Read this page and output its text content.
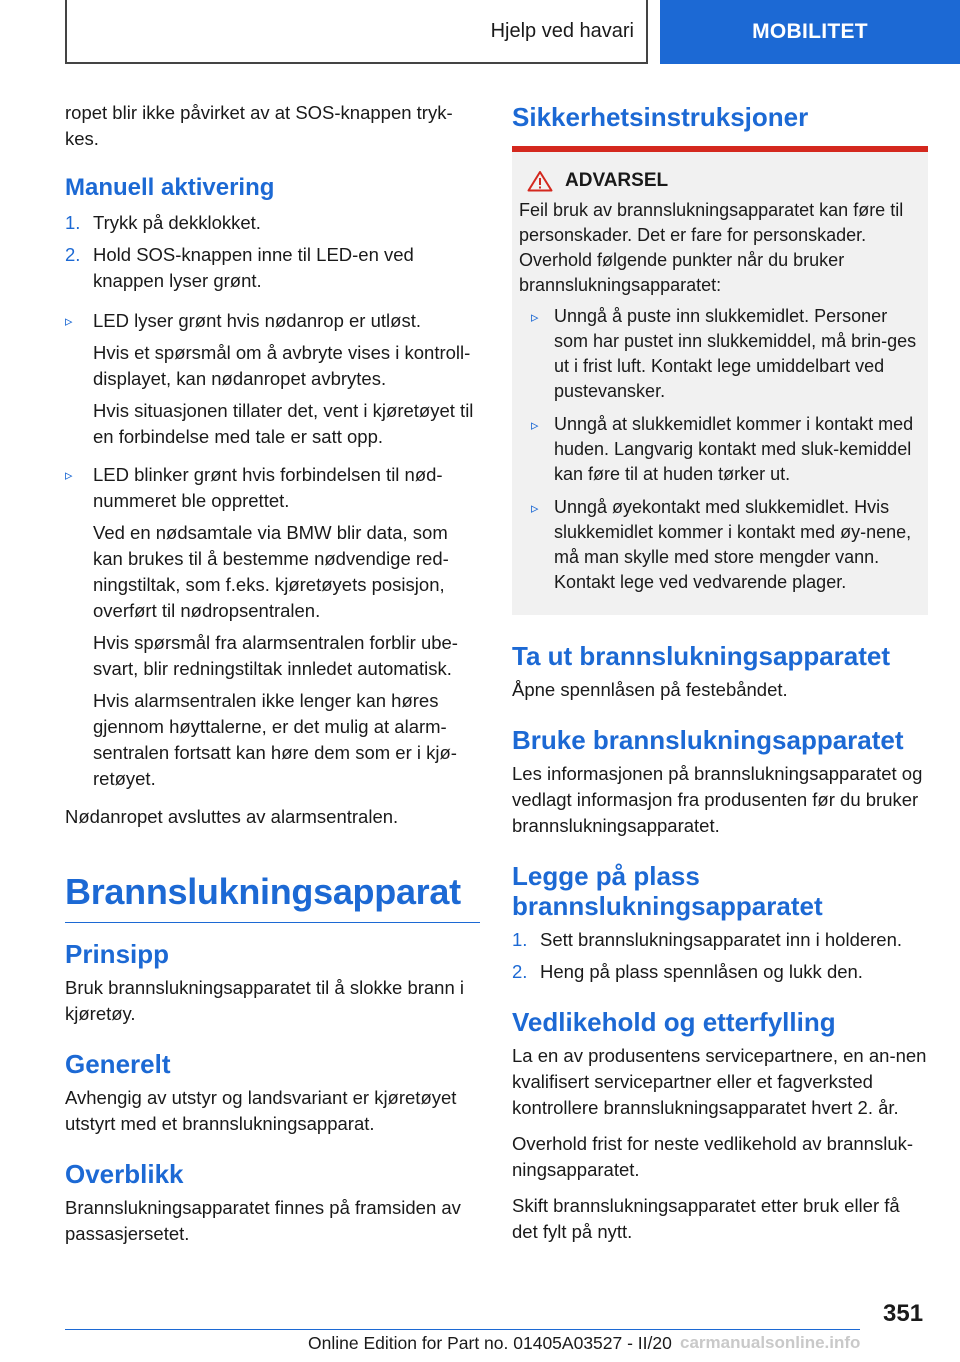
Hjelp ved havari	MOBILITET

ropet blir ikke påvirket av at SOS-knappen tryk-kes.

Manuell aktivering
1. Trykk på dekklokket.
2. Hold SOS-knappen inne til LED-en ved knappen lyser grønt.
▹	LED lyser grønt hvis nødanrop er utløst.

Hvis et spørsmål om å avbryte vises i kontroll-displayet, kan nødanropet avbrytes.

Hvis situasjonen tillater det, vent i kjøretøyet til en forbindelse med tale er satt opp.

▹	LED blinker grønt hvis forbindelsen til nød-nummeret ble opprettet.

Ved en nødsamtale via BMW blir data, som kan brukes til å bestemme nødvendige red-ningstiltak, som f.eks. kjøretøyets posisjon, overført til nødropsentralen.

Hvis spørsmål fra alarmsentralen forblir ube-svart, blir redningstiltak innledet automatisk.

Hvis alarmsentralen ikke lenger kan høres gjennom høyttalerne, er det mulig at alarm-sentralen fortsatt kan høre dem som er i kjø-retøyet.

Nødanropet avsluttes av alarmsentralen.

Brannslukningsapparat
Prinsipp

Bruk brannslukningsapparatet til å slokke brann i kjøretøy.

Generelt

Avhengig av utstyr og landsvariant er kjøretøyet utstyrt med et brannslukningsapparat.

Overblikk

Brannslukningsapparatet finnes på framsiden av passasjersetet.

Sikkerhetsinstruksjoner
ADVARSEL

Feil bruk av brannslukningsapparatet kan føre til personskader. Det er fare for personskader. Overhold følgende punkter når du bruker brannslukningsapparatet:

▹ Unngå å puste inn slukkemidlet. Personer som har pustet inn slukkemiddel, må brin-ges ut i frist luft. Kontakt lege umiddelbart ved pustevansker.
▹ Unngå at slukkemidlet kommer i kontakt med huden. Langvarig kontakt med sluk-kemiddel kan føre til at huden tørker ut.
▹ Unngå øyekontakt med slukkemidlet. Hvis slukkemidlet kommer i kontakt med øy-nene, må man skylle med store mengder vann. Kontakt lege ved vedvarende plager.
Ta ut brannslukningsapparatet

Åpne spennlåsen på festebåndet.

Bruke brannslukningsapparatet

Les informasjonen på brannslukningsapparatet og vedlagt informasjon fra produsenten før du bruker brannslukningsapparatet.

Legge på plass
brannslukningsapparatet
1. Sett brannslukningsapparatet inn i holderen.
2. Heng på plass spennlåsen og lukk den.
Vedlikehold og etterfylling

La en av produsentens servicepartnere, en an-nen kvalifisert servicepartner eller et fagverksted kontrollere brannslukningsapparatet hvert 2. år.

Overhold frist for neste vedlikehold av brannsluk-ningsapparatet.

Skift brannslukningsapparatet etter bruk eller få det fylt på nytt.

351
Online Edition for Part no. 01405A03527 - II/20 carmanualsonline.info
